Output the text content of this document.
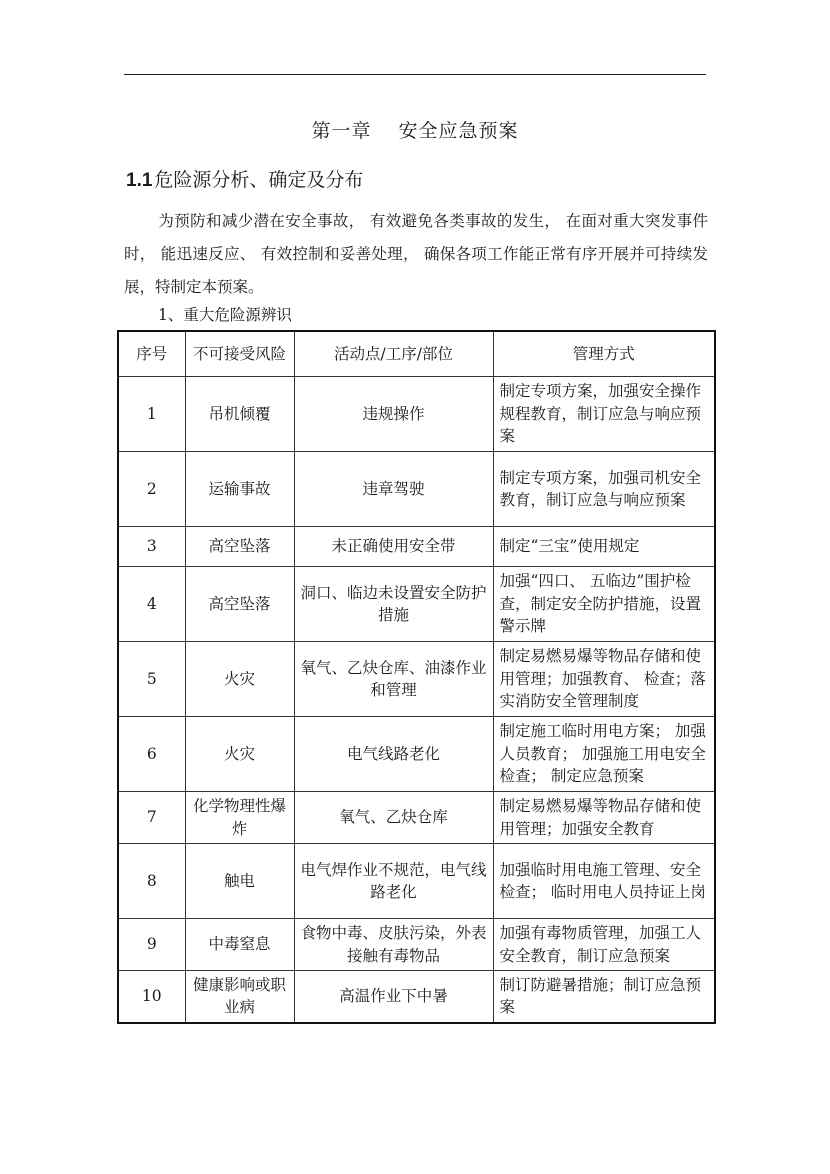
第一章　 安全应急预案
1.1 危险源分析、确定及分布
为预防和减少潜在安全事故， 有效避免各类事故的发生， 在面对重大突发事件时， 能迅速反应、 有效控制和妥善处理， 确保各项工作能正常有序开展并可持续发展，特制定本预案。
1、重大危险源辨识
序号	不可接受风险	活动点/工序/部位	管理方式
1	吊机倾覆	违规操作	制定专项方案，加强安全操作规程教育，制订应急与响应预案
2	运输事故	违章驾驶	制定专项方案，加强司机安全教育，制订应急与响应预案
3	高空坠落	未正确使用安全带	制定“三宝”使用规定
4	高空坠落	洞口、临边未设置安全防护措施	加强“四口、 五临边”围护检查，制定安全防护措施，设置警示牌
5	火灾	氧气、乙炔仓库、油漆作业和管理	制定易燃易爆等物品存储和使用管理；加强教育、 检查；落实消防安全管理制度
6	火灾	电气线路老化	制定施工临时用电方案； 加强人员教育； 加强施工用电安全检查； 制定应急预案
7	化学物理性爆炸	氧气、乙炔仓库	制定易燃易爆等物品存储和使用管理；加强安全教育
8	触电	电气焊作业不规范，电气线路老化	加强临时用电施工管理、安全检查； 临时用电人员持证上岗
9	中毒窒息	食物中毒、皮肤污染，外表接触有毒物品	加强有毒物质管理，加强工人安全教育，制订应急预案
10	健康影响或职业病	高温作业下中暑	制订防避暑措施；制订应急预案
